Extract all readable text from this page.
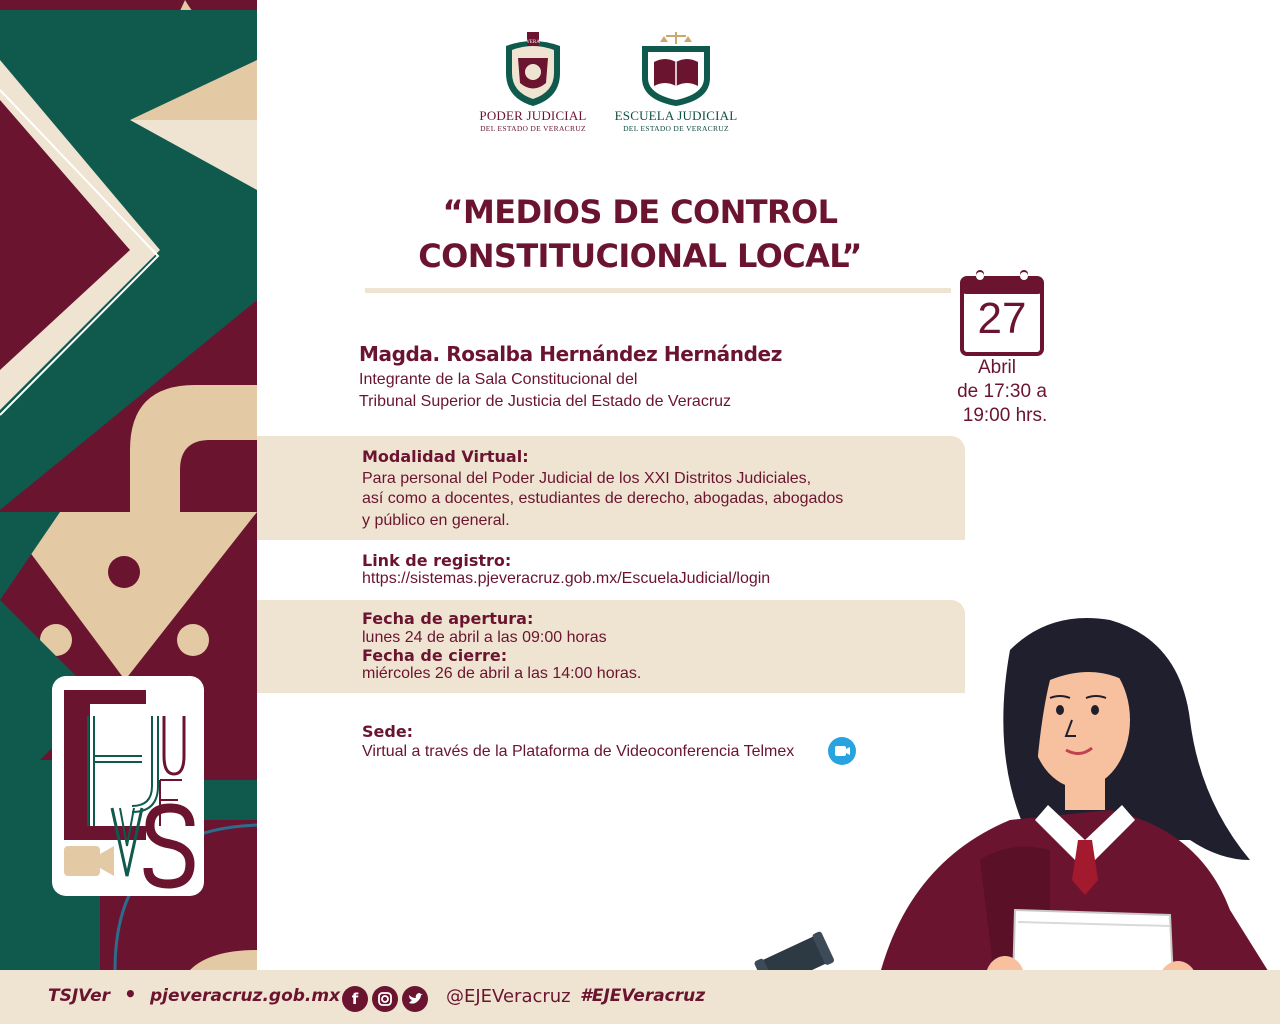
VIDEOCONFERENCIAS
VERA
PODER JUDICIAL
DEL ESTADO DE VERACRUZ
ESCUELA JUDICIAL
DEL ESTADO DE VERACRUZ
“MEDIOS DE CONTROL
CONSTITUCIONAL LOCAL”
Magda. Rosalba Hernández Hernández
Integrante de la Sala Constitucional del
Tribunal Superior de Justicia del Estado de Veracruz
27
Abril
de 17:30 a
19:00 hrs.
Modalidad Virtual:
Para personal del Poder Judicial de los XXI Distritos Judiciales,
así como a docentes, estudiantes de derecho, abogadas, abogados
y público en general.
Link de registro:
https://sistemas.pjeveracruz.gob.mx/EscuelaJudicial/login
Fecha de apertura:
lunes 24 de abril a las 09:00 horas
Fecha de cierre:
miércoles 26 de abril a las 14:00 horas.
Sede:
Virtual a través de la Plataforma de Videoconferencia Telmex
TSJVer • pjeveracruz.gob.mx f	@EJEVeracruz #EJEVeracruz
